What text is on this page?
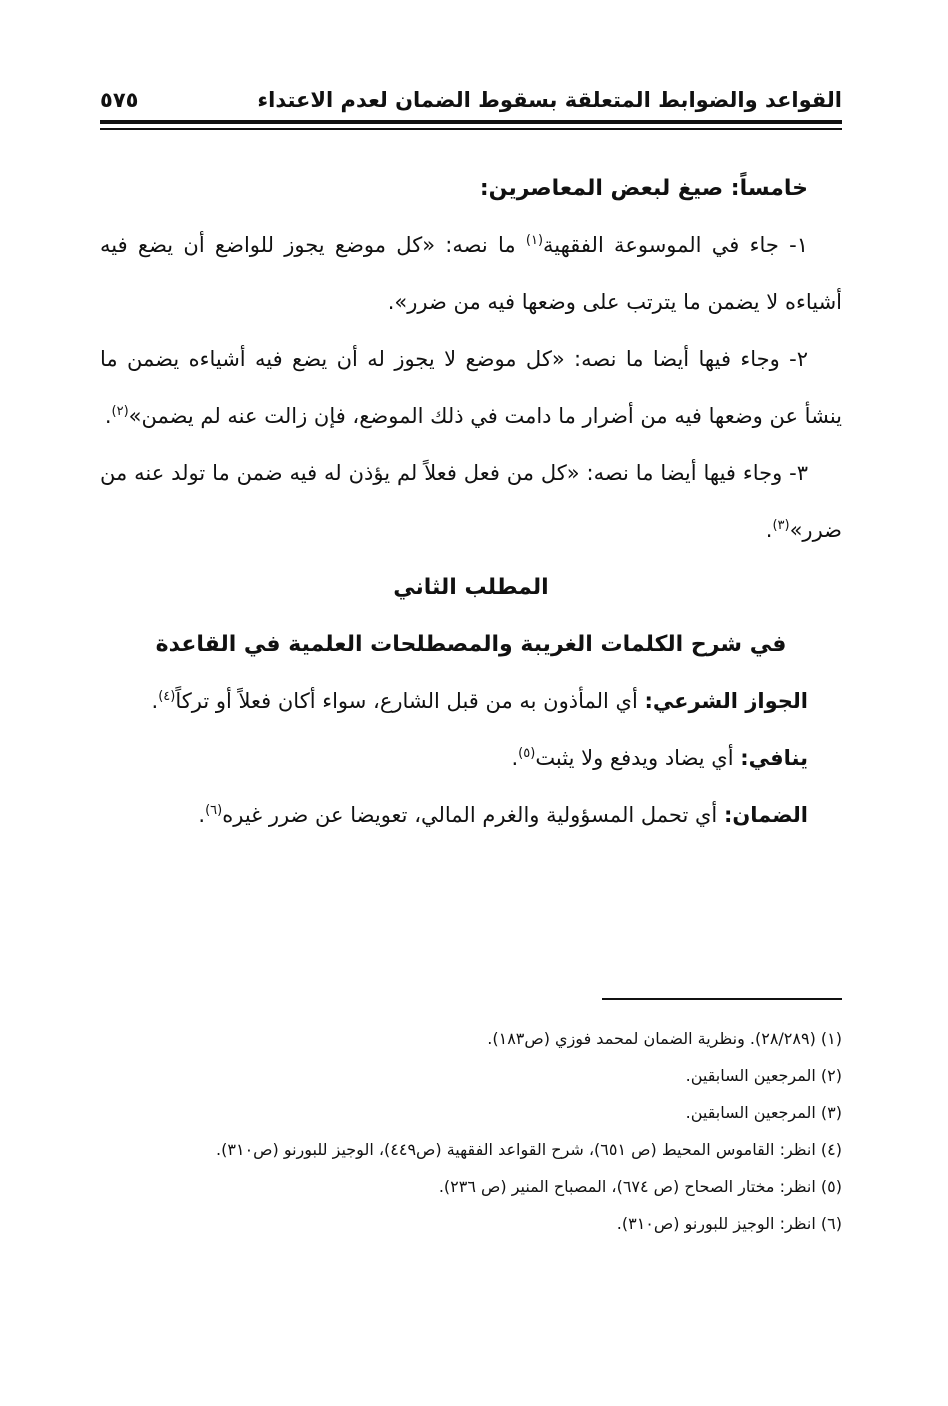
القواعد والضوابط المتعلقة بسقوط الضمان لعدم الاعتداء
٥٧٥

خامساً: صيغ لبعض المعاصرين:

١- جاء في الموسوعة الفقهية$^{(١)}$ ما نصه: «كل موضع يجوز للواضع أن يضع فيه أشياءه لا يضمن ما يترتب على وضعها فيه من ضرر».

٢- وجاء فيها أيضا ما نصه: «كل موضع لا يجوز له أن يضع فيه أشياءه يضمن ما ينشأ عن وضعها فيه من أضرار ما دامت في ذلك الموضع، فإن زالت عنه لم يضمن»$^{(٢)}$.

٣- وجاء فيها أيضا ما نصه: «كل من فعل فعلاً لم يؤذن له فيه ضمن ما تولد عنه من ضرر»$^{(٣)}$.

المطلب الثاني

في شرح الكلمات الغريبة والمصطلحات العلمية في القاعدة

الجواز الشرعي: أي المأذون به من قبل الشارع، سواء أكان فعلاً أو تركاً$^{(٤)}$.

ينافي: أي يضاد ويدفع ولا يثبت$^{(٥)}$.

الضمان: أي تحمل المسؤولية والغرم المالي، تعويضا عن ضرر غيره$^{(٦)}$.

(١) (٢٨/٢٨٩). ونظرية الضمان لمحمد فوزي (ص١٨٣).

(٢) المرجعين السابقين.

(٣) المرجعين السابقين.

(٤) انظر: القاموس المحيط (ص ٦٥١)، شرح القواعد الفقهية (ص٤٤٩)، الوجيز للبورنو (ص٣١٠).

(٥) انظر: مختار الصحاح (ص ٦٧٤)، المصباح المنير (ص ٢٣٦).

(٦) انظر: الوجيز للبورنو (ص٣١٠).
